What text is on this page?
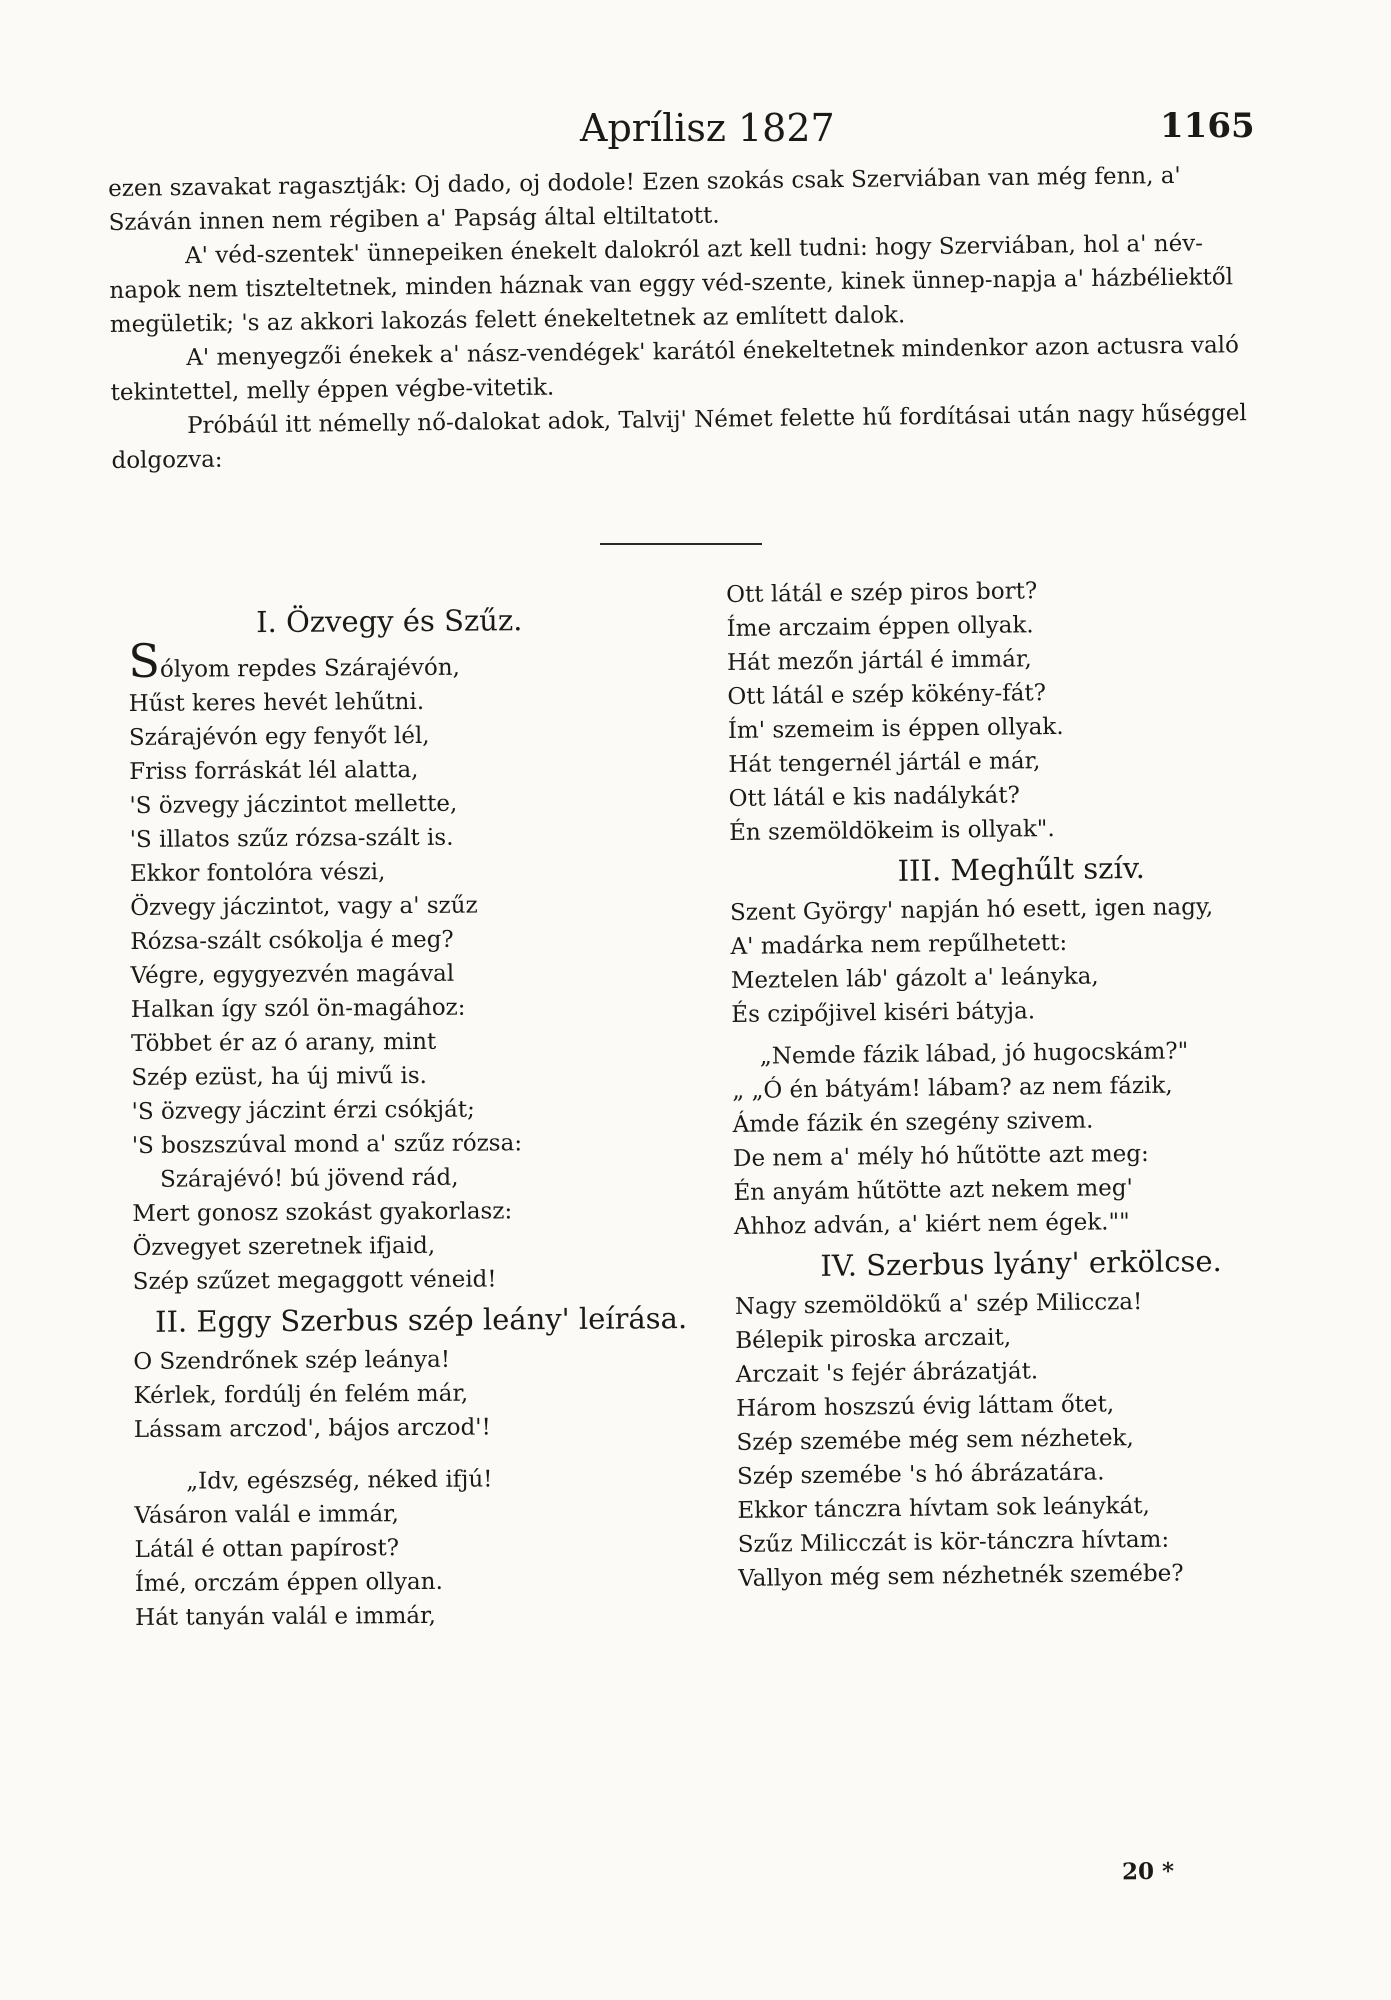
Aprílisz 1827	1165

ezen szavakat ragasztják: Oj dado, oj dodole! Ezen szokás csak Szerviában van még fenn, a' Száván innen nem régiben a' Papság által eltiltatott.

A' véd-szentek' ünnepeiken énekelt dalokról azt kell tudni: hogy Szerviában, hol a' név-napok nem tiszteltetnek, minden háznak van eggy véd-szente, kinek ünnep-napja a' házbéliektől megületik; 's az akkori lakozás felett énekeltetnek az említett dalok.

A' menyegzői énekek a' nász-vendégek' karától énekeltetnek mindenkor azon actusra való tekintettel, melly éppen végbe-vitetik.

Próbáúl itt némelly nő-dalokat adok, Talvij' Német felette hű fordításai után nagy hűséggel dolgozva:

I. Özvegy és Szűz.

Sólyom repdes Szárajévón,

Hűst keres hevét lehűtni.

Szárajévón egy fenyőt lél,

Friss forráskát lél alatta,

'S özvegy jáczintot mellette,

'S illatos szűz rózsa-szált is.

Ekkor fontolóra vészi,

Özvegy jáczintot, vagy a' szűz

Rózsa-szált csókolja é meg?

Végre, egygyezvén magával

Halkan így szól ön-magához:

Többet ér az ó arany, mint

Szép ezüst, ha új mivű is.

'S özvegy jáczint érzi csókját;

'S boszszúval mond a' szűz rózsa:

Szárajévó! bú jövend rád,

Mert gonosz szokást gyakorlasz:

Özvegyet szeretnek ifjaid,

Szép szűzet megaggott véneid!

II. Eggy Szerbus szép leány' leírása.

O Szendrőnek szép leánya!

Kérlek, fordúlj én felém már,

Lássam arczod', bájos arczod'!

„Idv, egészség, néked ifjú!

Vásáron valál e immár,

Látál é ottan papírost?

Ímé, orczám éppen ollyan.

Hát tanyán valál e immár,

Ott látál e szép piros bort?

Íme arczaim éppen ollyak.

Hát mezőn jártál é immár,

Ott látál e szép kökény-fát?

Ím' szemeim is éppen ollyak.

Hát tengernél jártál e már,

Ott látál e kis nadálykát?

Én szemöldökeim is ollyak".

III. Meghűlt szív.

Szent György' napján hó esett, igen nagy,

A' madárka nem repűlhetett:

Meztelen láb' gázolt a' leányka,

És czipőjivel kiséri bátyja.

„Nemde fázik lábad, jó hugocskám?"

„ „Ó én bátyám! lábam? az nem fázik,

Ámde fázik én szegény szivem.

De nem a' mély hó hűtötte azt meg:

Én anyám hűtötte azt nekem meg'

Ahhoz adván, a' kiért nem égek.""

IV. Szerbus lyány' erkölcse.

Nagy szemöldökű a' szép Miliccza!

Bélepik piroska arczait,

Arczait 's fejér ábrázatját.

Három hoszszú évig láttam őtet,

Szép szemébe még sem nézhetek,

Szép szemébe 's hó ábrázatára.

Ekkor tánczra hívtam sok leánykát,

Szűz Milicczát is kör-tánczra hívtam:

Vallyon még sem nézhetnék szemébe?

20 *
